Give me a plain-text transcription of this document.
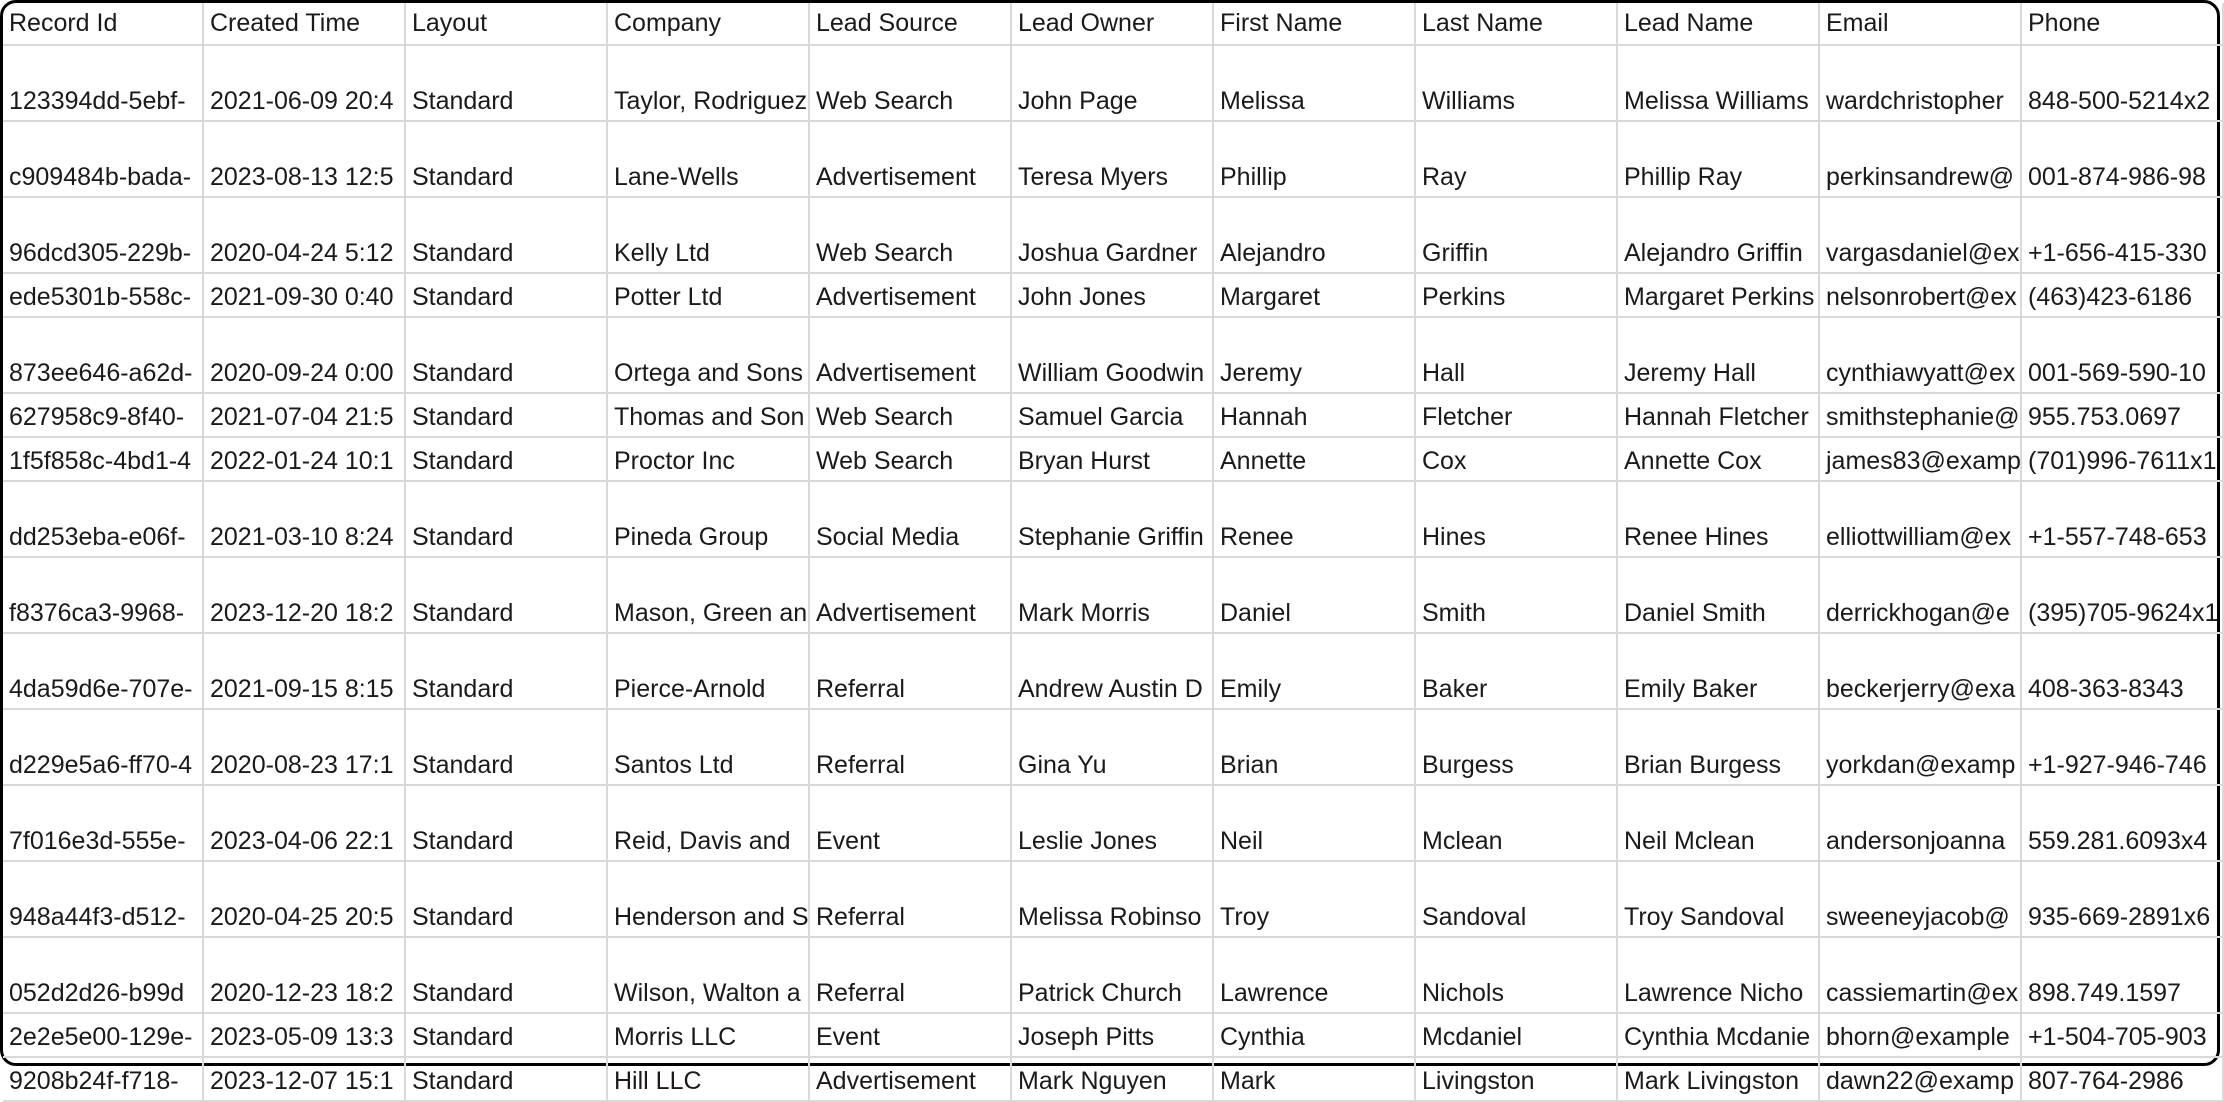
Record Id	Created Time	Layout	Company	Lead Source	Lead Owner	First Name	Last Name	Lead Name	Email	Phone
123394dd-5ebf-	2021-06-09 20:4	Standard	Taylor, Rodriguez	Web Search	John Page	Melissa	Williams	Melissa Williams	wardchristopher	848-500-5214x2
c909484b-bada-	2023-08-13 12:5	Standard	Lane-Wells	Advertisement	Teresa Myers	Phillip	Ray	Phillip Ray	perkinsandrew@	001-874-986-98
96dcd305-229b-	2020-04-24 5:12	Standard	Kelly Ltd	Web Search	Joshua Gardner	Alejandro	Griffin	Alejandro Griffin	vargasdaniel@ex	+1-656-415-330
ede5301b-558c-	2021-09-30 0:40	Standard	Potter Ltd	Advertisement	John Jones	Margaret	Perkins	Margaret Perkins	nelsonrobert@ex	(463)423-6186
873ee646-a62d-	2020-09-24 0:00	Standard	Ortega and Sons	Advertisement	William Goodwin	Jeremy	Hall	Jeremy Hall	cynthiawyatt@ex	001-569-590-10
627958c9-8f40-	2021-07-04 21:5	Standard	Thomas and Son	Web Search	Samuel Garcia	Hannah	Fletcher	Hannah Fletcher	smithstephanie@	955.753.0697
1f5f858c-4bd1-4	2022-01-24 10:1	Standard	Proctor Inc	Web Search	Bryan Hurst	Annette	Cox	Annette Cox	james83@examp	(701)996-7611x1
dd253eba-e06f-	2021-03-10 8:24	Standard	Pineda Group	Social Media	Stephanie Griffin	Renee	Hines	Renee Hines	elliottwilliam@ex	+1-557-748-653
f8376ca3-9968-	2023-12-20 18:2	Standard	Mason, Green an	Advertisement	Mark Morris	Daniel	Smith	Daniel Smith	derrickhogan@e	(395)705-9624x1
4da59d6e-707e-	2021-09-15 8:15	Standard	Pierce-Arnold	Referral	Andrew Austin D	Emily	Baker	Emily Baker	beckerjerry@exa	408-363-8343
d229e5a6-ff70-4	2020-08-23 17:1	Standard	Santos Ltd	Referral	Gina Yu	Brian	Burgess	Brian Burgess	yorkdan@examp	+1-927-946-746
7f016e3d-555e-	2023-04-06 22:1	Standard	Reid, Davis and	Event	Leslie Jones	Neil	Mclean	Neil Mclean	andersonjoanna	559.281.6093x4
948a44f3-d512-	2020-04-25 20:5	Standard	Henderson and S	Referral	Melissa Robinso	Troy	Sandoval	Troy Sandoval	sweeneyjacob@	935-669-2891x6
052d2d26-b99d	2020-12-23 18:2	Standard	Wilson, Walton a	Referral	Patrick Church	Lawrence	Nichols	Lawrence Nicho	cassiemartin@ex	898.749.1597
2e2e5e00-129e-	2023-05-09 13:3	Standard	Morris LLC	Event	Joseph Pitts	Cynthia	Mcdaniel	Cynthia Mcdanie	bhorn@example	+1-504-705-903
9208b24f-f718-	2023-12-07 15:1	Standard	Hill LLC	Advertisement	Mark Nguyen	Mark	Livingston	Mark Livingston	dawn22@examp	807-764-2986
